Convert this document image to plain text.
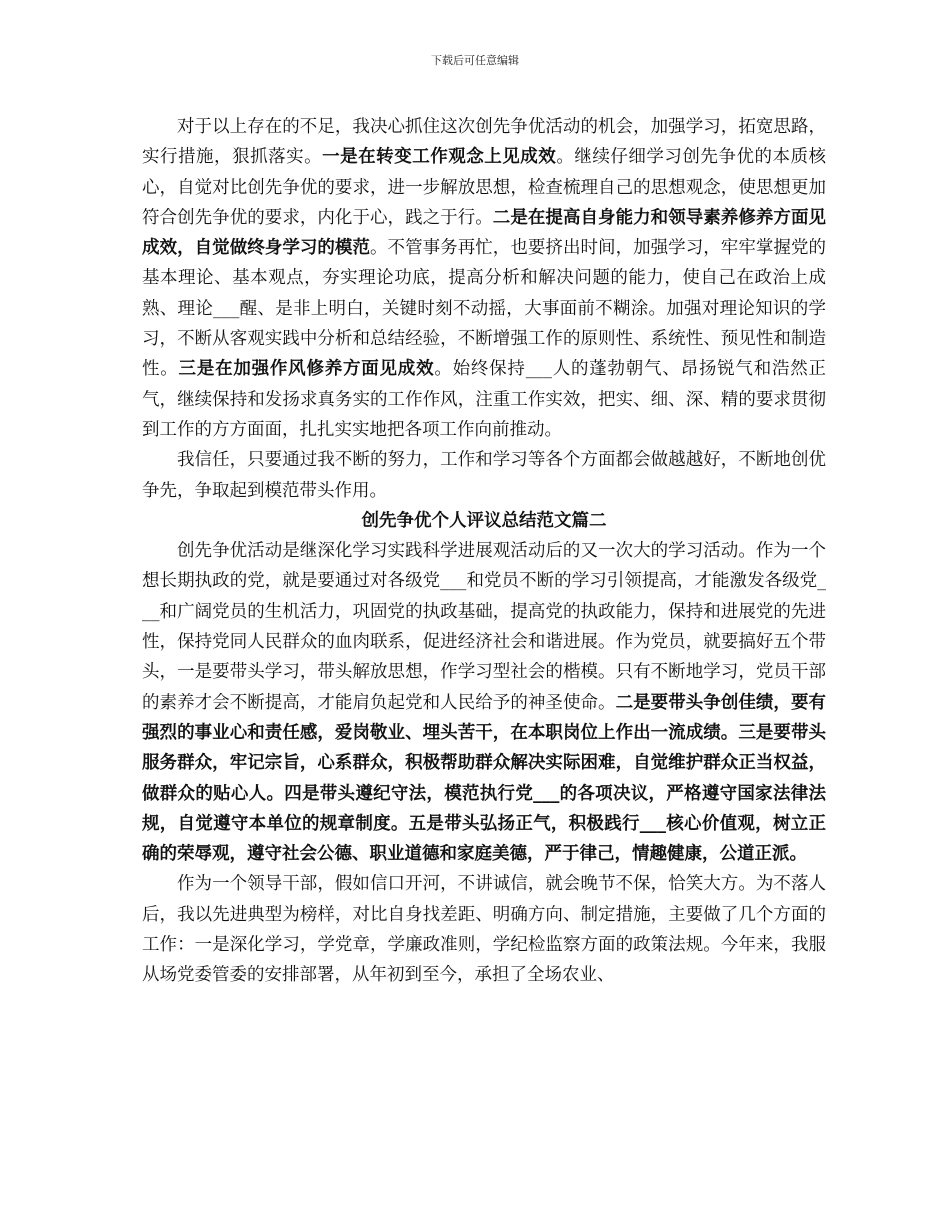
下载后可任意编辑

对于以上存在的不足，我决心抓住这次创先争优活动的机会，加强学习，拓宽思路，实行措施，狠抓落实。一是在转变工作观念上见成效。继续仔细学习创先争优的本质核心，自觉对比创先争优的要求，进一步解放思想，检查梳理自己的思想观念，使思想更加符合创先争优的要求，内化于心，践之于行。二是在提高自身能力和领导素养修养方面见成效，自觉做终身学习的模范。不管事务再忙，也要挤出时间，加强学习，牢牢掌握党的基本理论、基本观点，夯实理论功底，提高分析和解决问题的能力，使自己在政治上成熟、理论___醒、是非上明白，关键时刻不动摇，大事面前不糊涂。加强对理论知识的学习，不断从客观实践中分析和总结经验，不断增强工作的原则性、系统性、预见性和制造性。三是在加强作风修养方面见成效。始终保持___人的蓬勃朝气、昂扬锐气和浩然正气，继续保持和发扬求真务实的工作作风，注重工作实效，把实、细、深、精的要求贯彻到工作的方方面面，扎扎实实地把各项工作向前推动。

我信任，只要通过我不断的努力，工作和学习等各个方面都会做越越好，不断地创优争先，争取起到模范带头作用。

创先争优个人评议总结范文篇二

创先争优活动是继深化学习实践科学进展观活动后的又一次大的学习活动。作为一个想长期执政的党，就是要通过对各级党___和党员不断的学习引领提高，才能激发各级党___和广阔党员的生机活力，巩固党的执政基础，提高党的执政能力，保持和进展党的先进性，保持党同人民群众的血肉联系，促进经济社会和谐进展。作为党员，就要搞好五个带头，一是要带头学习，带头解放思想，作学习型社会的楷模。只有不断地学习，党员干部的素养才会不断提高，才能肩负起党和人民给予的神圣使命。二是要带头争创佳绩，要有强烈的事业心和责任感，爱岗敬业、埋头苦干，在本职岗位上作出一流成绩。三是要带头服务群众，牢记宗旨，心系群众，积极帮助群众解决实际困难，自觉维护群众正当权益，做群众的贴心人。四是带头遵纪守法，模范执行党___的各项决议，严格遵守国家法律法规，自觉遵守本单位的规章制度。五是带头弘扬正气，积极践行___核心价值观，树立正确的荣辱观，遵守社会公德、职业道德和家庭美德，严于律己，情趣健康，公道正派。

作为一个领导干部，假如信口开河，不讲诚信，就会晚节不保，恰笑大方。为不落人后，我以先进典型为榜样，对比自身找差距、明确方向、制定措施，主要做了几个方面的工作：一是深化学习，学党章，学廉政准则，学纪检监察方面的政策法规。今年来，我服从场党委管委的安排部署，从年初到至今，承担了全场农业、
